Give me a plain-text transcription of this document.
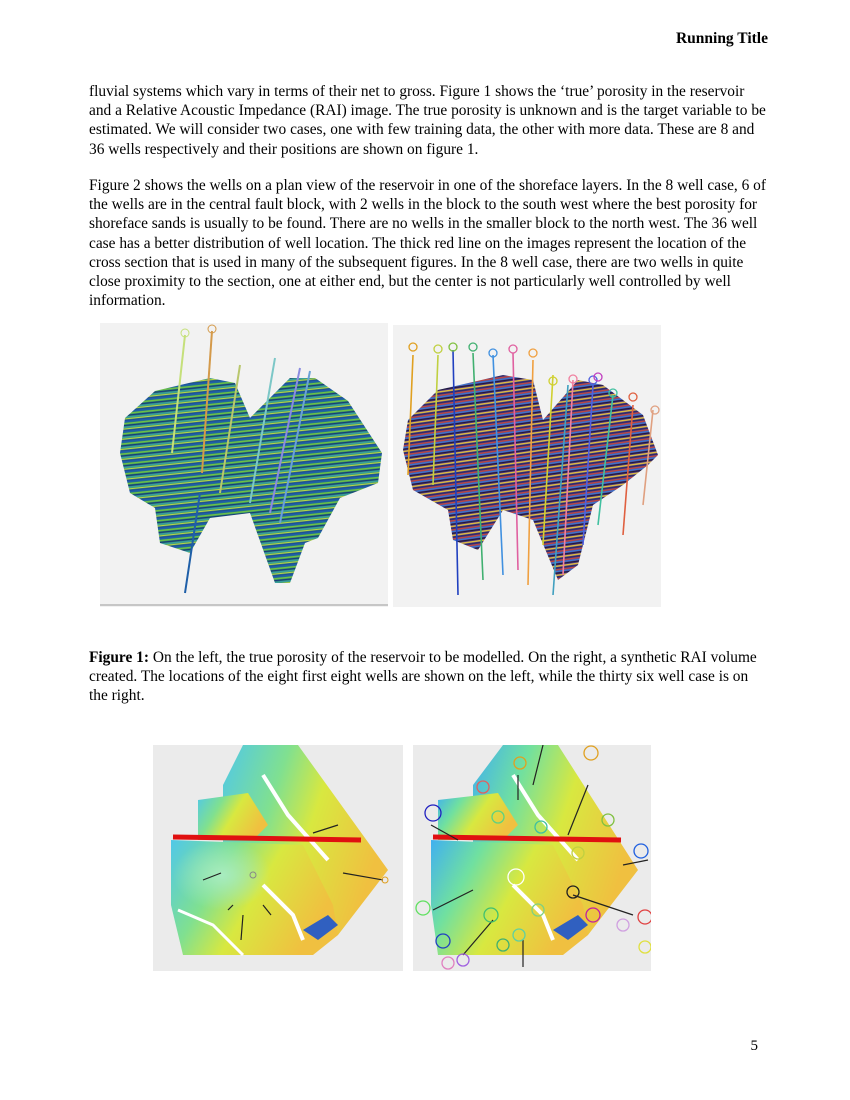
Running Title

fluvial systems which vary in terms of their net to gross. Figure 1 shows the ‘true’ porosity in the reservoir and a Relative Acoustic Impedance (RAI) image. The true porosity is unknown and is the target variable to be estimated. We will consider two cases, one with few training data, the other with more data. These are 8 and 36 wells respectively and their positions are shown on figure 1.

Figure 2 shows the wells on a plan view of the reservoir in one of the shoreface layers. In the 8 well case, 6 of the wells are in the central fault block, with 2 wells in the block to the south west where the best porosity for shoreface sands is usually to be found. There are no wells in the smaller block to the north west. The 36 well case has a better distribution of well location. The thick red line on the images represent the location of the cross section that is used in many of the subsequent figures. In the 8 well case, there are two wells in quite close proximity to the section, one at either end, but the center is not particularly well controlled by well information.

Figure 1: On the left, the true porosity of the reservoir to be modelled. On the right, a synthetic RAI volume created. The locations of the eight first eight wells are shown on the left, while the thirty six well case is on the right.

5
